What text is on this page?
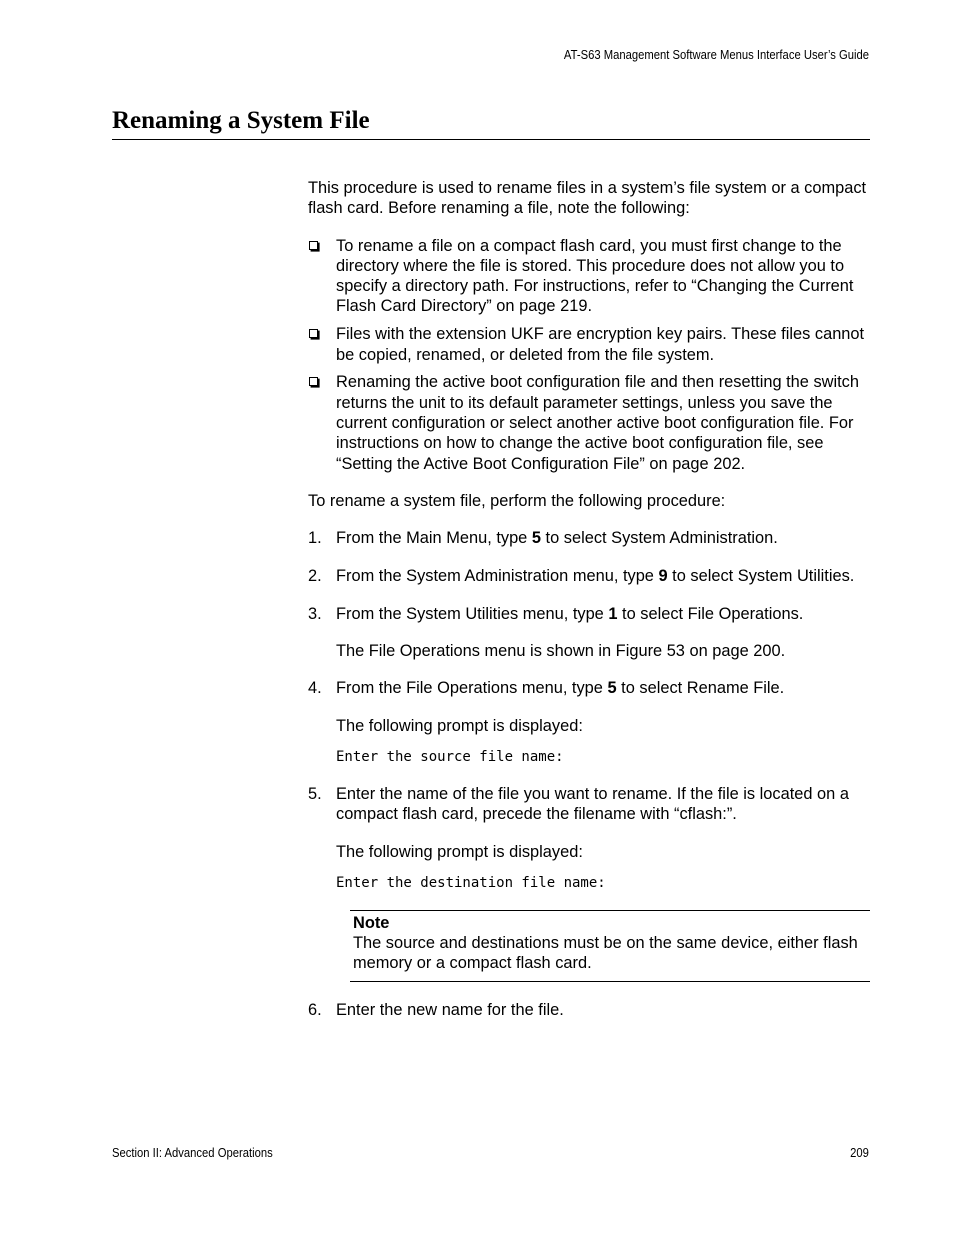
AT-S63 Management Software Menus Interface User’s Guide
Renaming a System File

This procedure is used to rename files in a system’s file system or a compact flash card. Before renaming a file, note the following:

To rename a file on a compact flash card, you must first change to the directory where the file is stored. This procedure does not allow you to specify a directory path. For instructions, refer to “Changing the Current Flash Card Directory” on page 219.
Files with the extension UKF are encryption key pairs. These files cannot be copied, renamed, or deleted from the file system.
Renaming the active boot configuration file and then resetting the switch returns the unit to its default parameter settings, unless you save the current configuration or select another active boot configuration file. For instructions on how to change the active boot configuration file, see “Setting the Active Boot Configuration File” on page 202.

To rename a system file, perform the following procedure:

1. From the Main Menu, type 5 to select System Administration.
2. From the System Administration menu, type 9 to select System Utilities.
3. From the System Utilities menu, type 1 to select File Operations.

The File Operations menu is shown in Figure 53 on page 200.

4. From the File Operations menu, type 5 to select Rename File.

The following prompt is displayed:

Enter the source file name:

5. Enter the name of the file you want to rename. If the file is located on a compact flash card, precede the filename with “cflash:”.

The following prompt is displayed:

Enter the destination file name:

Note
The source and destinations must be on the same device, either flash memory or a compact flash card.
6. Enter the new name for the file.
Section II: Advanced Operations	209
